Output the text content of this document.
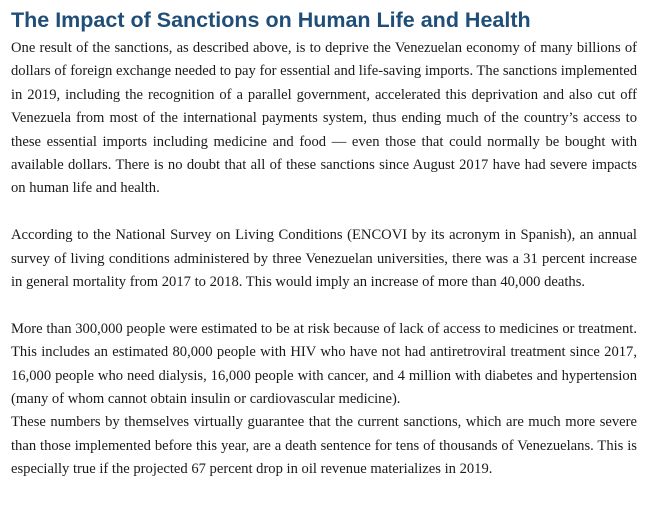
The Impact of Sanctions on Human Life and Health

One result of the sanctions, as described above, is to deprive the Venezuelan economy of many billions of dollars of foreign exchange needed to pay for essential and life-saving imports. The sanctions implemented in 2019, including the recognition of a parallel government, accelerated this deprivation and also cut off Venezuela from most of the international payments system, thus ending much of the country’s access to these essential imports including medicine and food — even those that could normally be bought with available dollars. There is no doubt that all of these sanctions since August 2017 have had severe impacts on human life and health.

According to the National Survey on Living Conditions (ENCOVI by its acronym in Spanish), an annual survey of living conditions administered by three Venezuelan universities, there was a 31 percent increase in general mortality from 2017 to 2018. This would imply an increase of more than 40,000 deaths.

More than 300,000 people were estimated to be at risk because of lack of access to medicines or treatment. This includes an estimated 80,000 people with HIV who have not had antiretroviral treatment since 2017, 16,000 people who need dialysis, 16,000 people with cancer, and 4 million with diabetes and hypertension (many of whom cannot obtain insulin or cardiovascular medicine).

These numbers by themselves virtually guarantee that the current sanctions, which are much more severe than those implemented before this year, are a death sentence for tens of thousands of Venezuelans. This is especially true if the projected 67 percent drop in oil revenue materializes in 2019.
